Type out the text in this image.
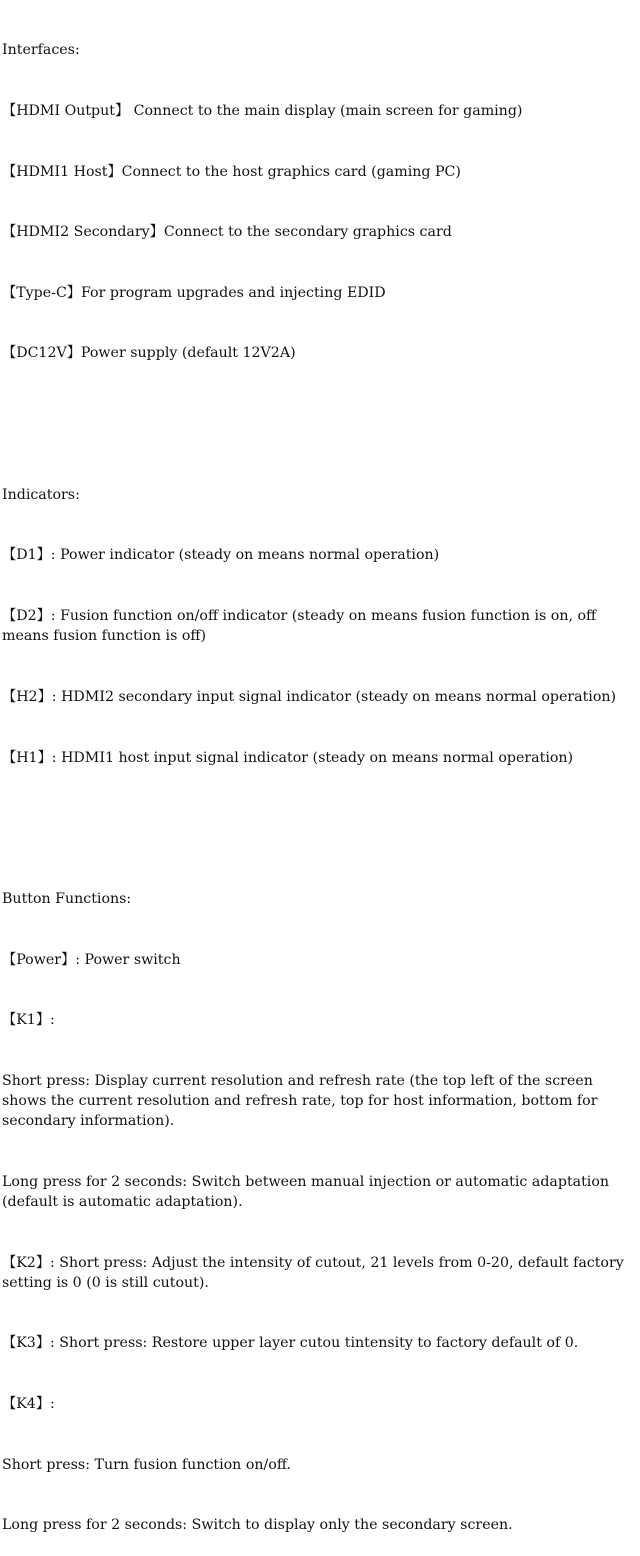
Interfaces:

【HDMI Output】 Connect to the main display (main screen for gaming)

【HDMI1 Host】Connect to the host graphics card (gaming PC)

【HDMI2 Secondary】Connect to the secondary graphics card

【Type-C】For program upgrades and injecting EDID

【DC12V】Power supply (default 12V2A)

Indicators:

【D1】: Power indicator (steady on means normal operation)

【D2】: Fusion function on/off indicator (steady on means fusion function is on, off means fusion function is off)

【H2】: HDMI2 secondary input signal indicator (steady on means normal operation)

【H1】: HDMI1 host input signal indicator (steady on means normal operation)

Button Functions:

【Power】: Power switch

【K1】:

Short press: Display current resolution and refresh rate (the top left of the screen shows the current resolution and refresh rate, top for host information, bottom for secondary information).

Long press for 2 seconds: Switch between manual injection or automatic adaptation (default is automatic adaptation).

【K2】: Short press: Adjust the intensity of cutout, 21 levels from 0-20, default factory setting is 0 (0 is still cutout).

【K3】: Short press: Restore upper layer cutou tintensity to factory default of 0.

【K4】:

Short press: Turn fusion function on/off.

Long press for 2 seconds: Switch to display only the secondary screen.
